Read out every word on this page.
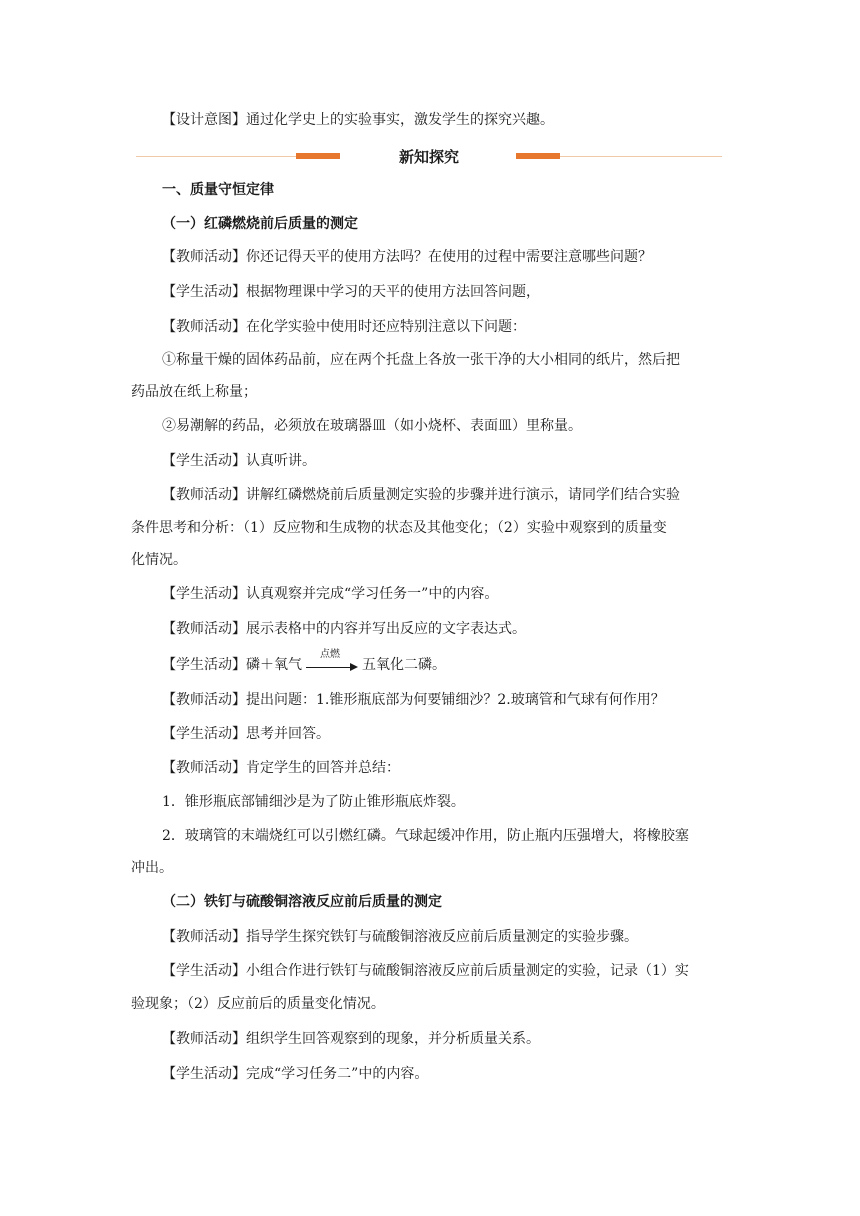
【设计意图】通过化学史上的实验事实，激发学生的探究兴趣。
新知探究
一、质量守恒定律
（一）红磷燃烧前后质量的测定
【教师活动】你还记得天平的使用方法吗？在使用的过程中需要注意哪些问题？
【学生活动】根据物理课中学习的天平的使用方法回答问题，
【教师活动】在化学实验中使用时还应特别注意以下问题：
①称量干燥的固体药品前，应在两个托盘上各放一张干净的大小相同的纸片，然后把
药品放在纸上称量；
②易潮解的药品，必须放在玻璃器皿（如小烧杯、表面皿）里称量。
【学生活动】认真听讲。
【教师活动】讲解红磷燃烧前后质量测定实验的步骤并进行演示，请同学们结合实验
条件思考和分析：（1）反应物和生成物的状态及其他变化；（2）实验中观察到的质量变
化情况。
【学生活动】认真观察并完成“学习任务一”中的内容。
【教师活动】展示表格中的内容并写出反应的文字表达式。
【学生活动】磷＋氧气
点燃
五氧化二磷。
【教师活动】提出问题：1.锥形瓶底部为何要铺细沙？2.玻璃管和气球有何作用？
【学生活动】思考并回答。
【教师活动】肯定学生的回答并总结：
1．锥形瓶底部铺细沙是为了防止锥形瓶底炸裂。
2．玻璃管的末端烧红可以引燃红磷。气球起缓冲作用，防止瓶内压强增大，将橡胶塞
冲出。
（二）铁钉与硫酸铜溶液反应前后质量的测定
【教师活动】指导学生探究铁钉与硫酸铜溶液反应前后质量测定的实验步骤。
【学生活动】小组合作进行铁钉与硫酸铜溶液反应前后质量测定的实验，记录（1）实
验现象；（2）反应前后的质量变化情况。
【教师活动】组织学生回答观察到的现象，并分析质量关系。
【学生活动】完成“学习任务二”中的内容。
